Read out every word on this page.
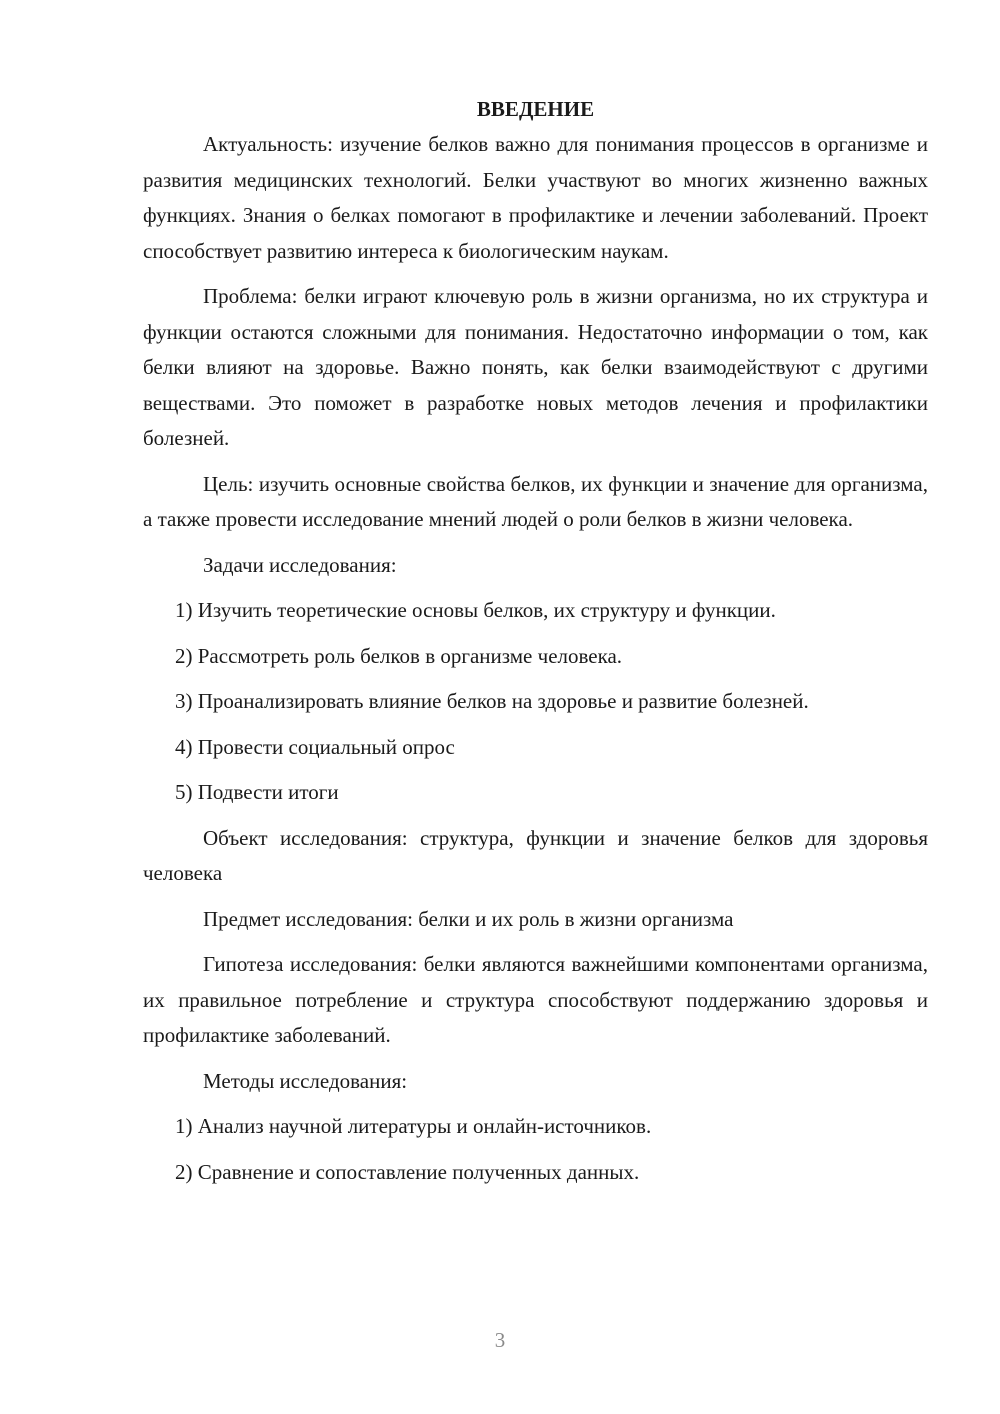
ВВЕДЕНИЕ

Актуальность: изучение белков важно для понимания процессов в организме и развития медицинских технологий. Белки участвуют во многих жизненно важных функциях. Знания о белках помогают в профилактике и лечении заболеваний. Проект способствует развитию интереса к биологическим наукам.

Проблема: белки играют ключевую роль в жизни организма, но их структура и функции остаются сложными для понимания. Недостаточно информации о том, как белки влияют на здоровье. Важно понять, как белки взаимодействуют с другими веществами. Это поможет в разработке новых методов лечения и профилактики болезней.

Цель: изучить основные свойства белков, их функции и значение для организма, а также провести исследование мнений людей о роли белков в жизни человека.

Задачи исследования:

1) Изучить теоретические основы белков, их структуру и функции.

2) Рассмотреть роль белков в организме человека.

3) Проанализировать влияние белков на здоровье и развитие болезней.

4) Провести социальный опрос

5) Подвести итоги

Объект исследования: структура, функции и значение белков для здоровья человека

Предмет исследования: белки и их роль в жизни организма

Гипотеза исследования: белки являются важнейшими компонентами организма, их правильное потребление и структура способствуют поддержанию здоровья и профилактике заболеваний.

Методы исследования:

1) Анализ научной литературы и онлайн-источников.

2) Сравнение и сопоставление полученных данных.

3
